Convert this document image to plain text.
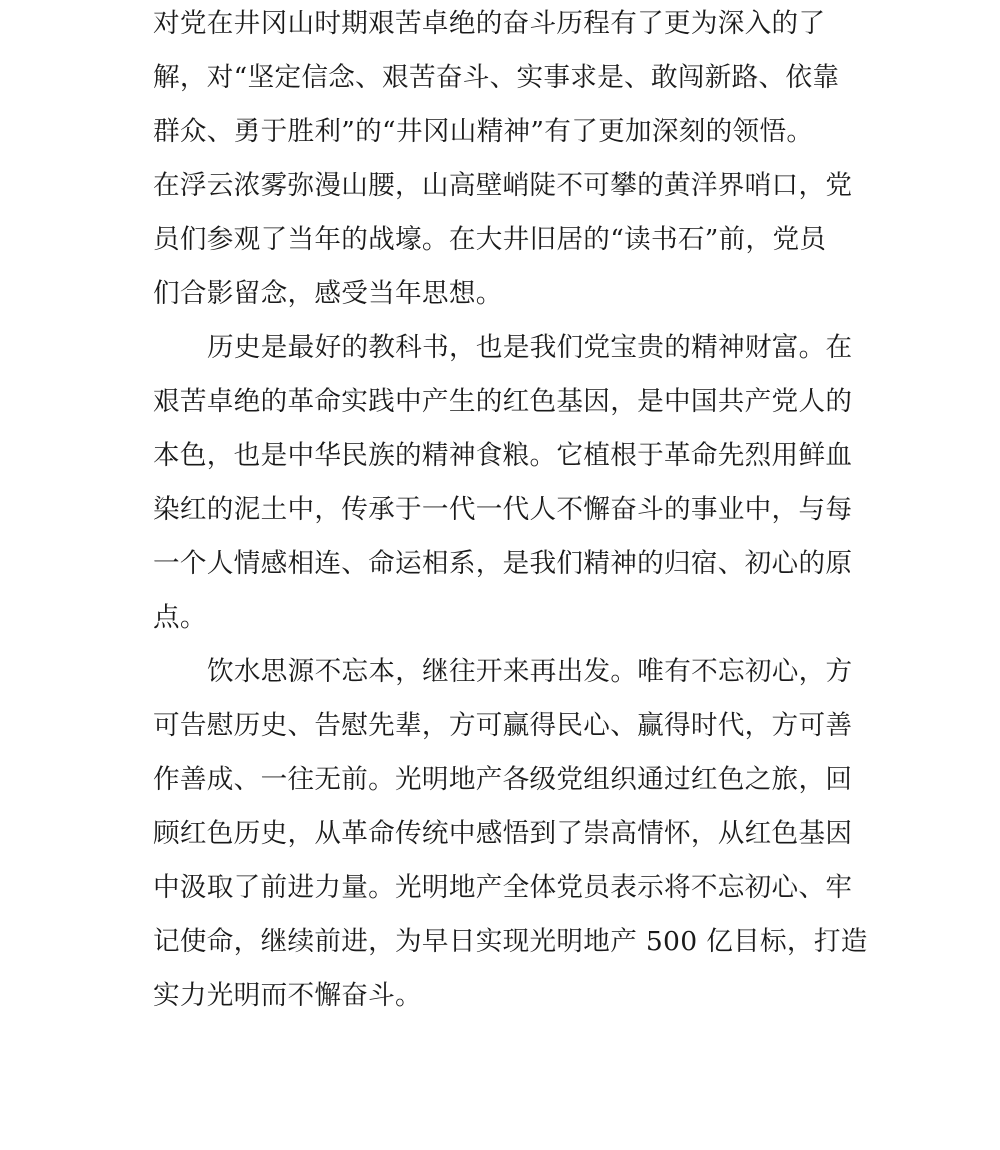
对党在井冈山时期艰苦卓绝的奋斗历程有了更为深入的了
解，对“坚定信念、艰苦奋斗、实事求是、敢闯新路、依靠
群众、勇于胜利”的“井冈山精神”有了更加深刻的领悟。
在浮云浓雾弥漫山腰，山高壁峭陡不可攀的黄洋界哨口，党
员们参观了当年的战壕。在大井旧居的“读书石”前，党员
们合影留念，感受当年思想。
历史是最好的教科书，也是我们党宝贵的精神财富。在
艰苦卓绝的革命实践中产生的红色基因，是中国共产党人的
本色，也是中华民族的精神食粮。它植根于革命先烈用鲜血
染红的泥土中，传承于一代一代人不懈奋斗的事业中，与每
一个人情感相连、命运相系，是我们精神的归宿、初心的原
点。
饮水思源不忘本，继往开来再出发。唯有不忘初心，方
可告慰历史、告慰先辈，方可赢得民心、赢得时代，方可善
作善成、一往无前。光明地产各级党组织通过红色之旅，回
顾红色历史，从革命传统中感悟到了崇高情怀，从红色基因
中汲取了前进力量。光明地产全体党员表示将不忘初心、牢
记使命，继续前进，为早日实现光明地产 500 亿目标，打造
实力光明而不懈奋斗。
